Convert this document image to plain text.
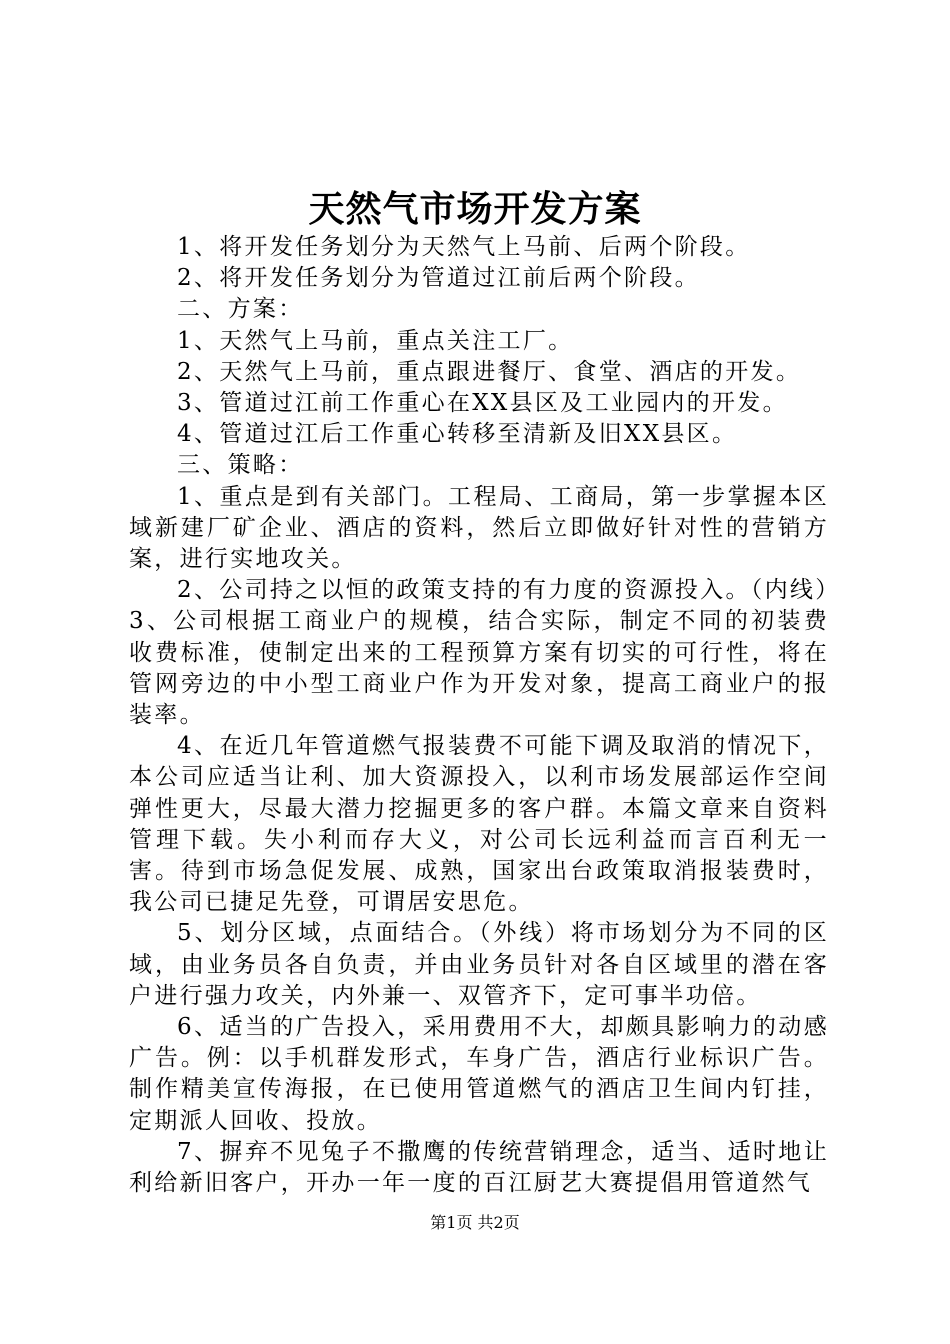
天然气市场开发方案

1、将开发任务划分为天然气上马前、后两个阶段。

2、将开发任务划分为管道过江前后两个阶段。

二、方案：

1、天然气上马前，重点关注工厂。

2、天然气上马前，重点跟进餐厅、食堂、酒店的开发。

3、管道过江前工作重心在XX县区及工业园内的开发。

4、管道过江后工作重心转移至清新及旧XX县区。

三、策略：

1、重点是到有关部门。工程局、工商局，第一步掌握本区域新建厂矿企业、酒店的资料，然后立即做好针对性的营销方案，进行实地攻关。

2、公司持之以恒的政策支持的有力度的资源投入。（内线）3、公司根据工商业户的规模，结合实际，制定不同的初装费收费标准，使制定出来的工程预算方案有切实的可行性，将在管网旁边的中小型工商业户作为开发对象，提高工商业户的报装率。

4、在近几年管道燃气报装费不可能下调及取消的情况下，本公司应适当让利、加大资源投入，以利市场发展部运作空间弹性更大，尽最大潜力挖掘更多的客户群。本篇文章来自资料管理下载。失小利而存大义，对公司长远利益而言百利无一害。待到市场急促发展、成熟，国家出台政策取消报装费时，我公司已捷足先登，可谓居安思危。

5、划分区域，点面结合。（外线）将市场划分为不同的区域，由业务员各自负责，并由业务员针对各自区域里的潜在客户进行强力攻关，内外兼一、双管齐下，定可事半功倍。

6、适当的广告投入，采用费用不大，却颇具影响力的动感广告。例：以手机群发形式，车身广告，酒店行业标识广告。制作精美宣传海报，在已使用管道燃气的酒店卫生间内钉挂，定期派人回收、投放。

7、摒弃不见兔子不撒鹰的传统营销理念，适当、适时地让利给新旧客户，开办一年一度的百江厨艺大赛提倡用管道然气

第1页 共2页
